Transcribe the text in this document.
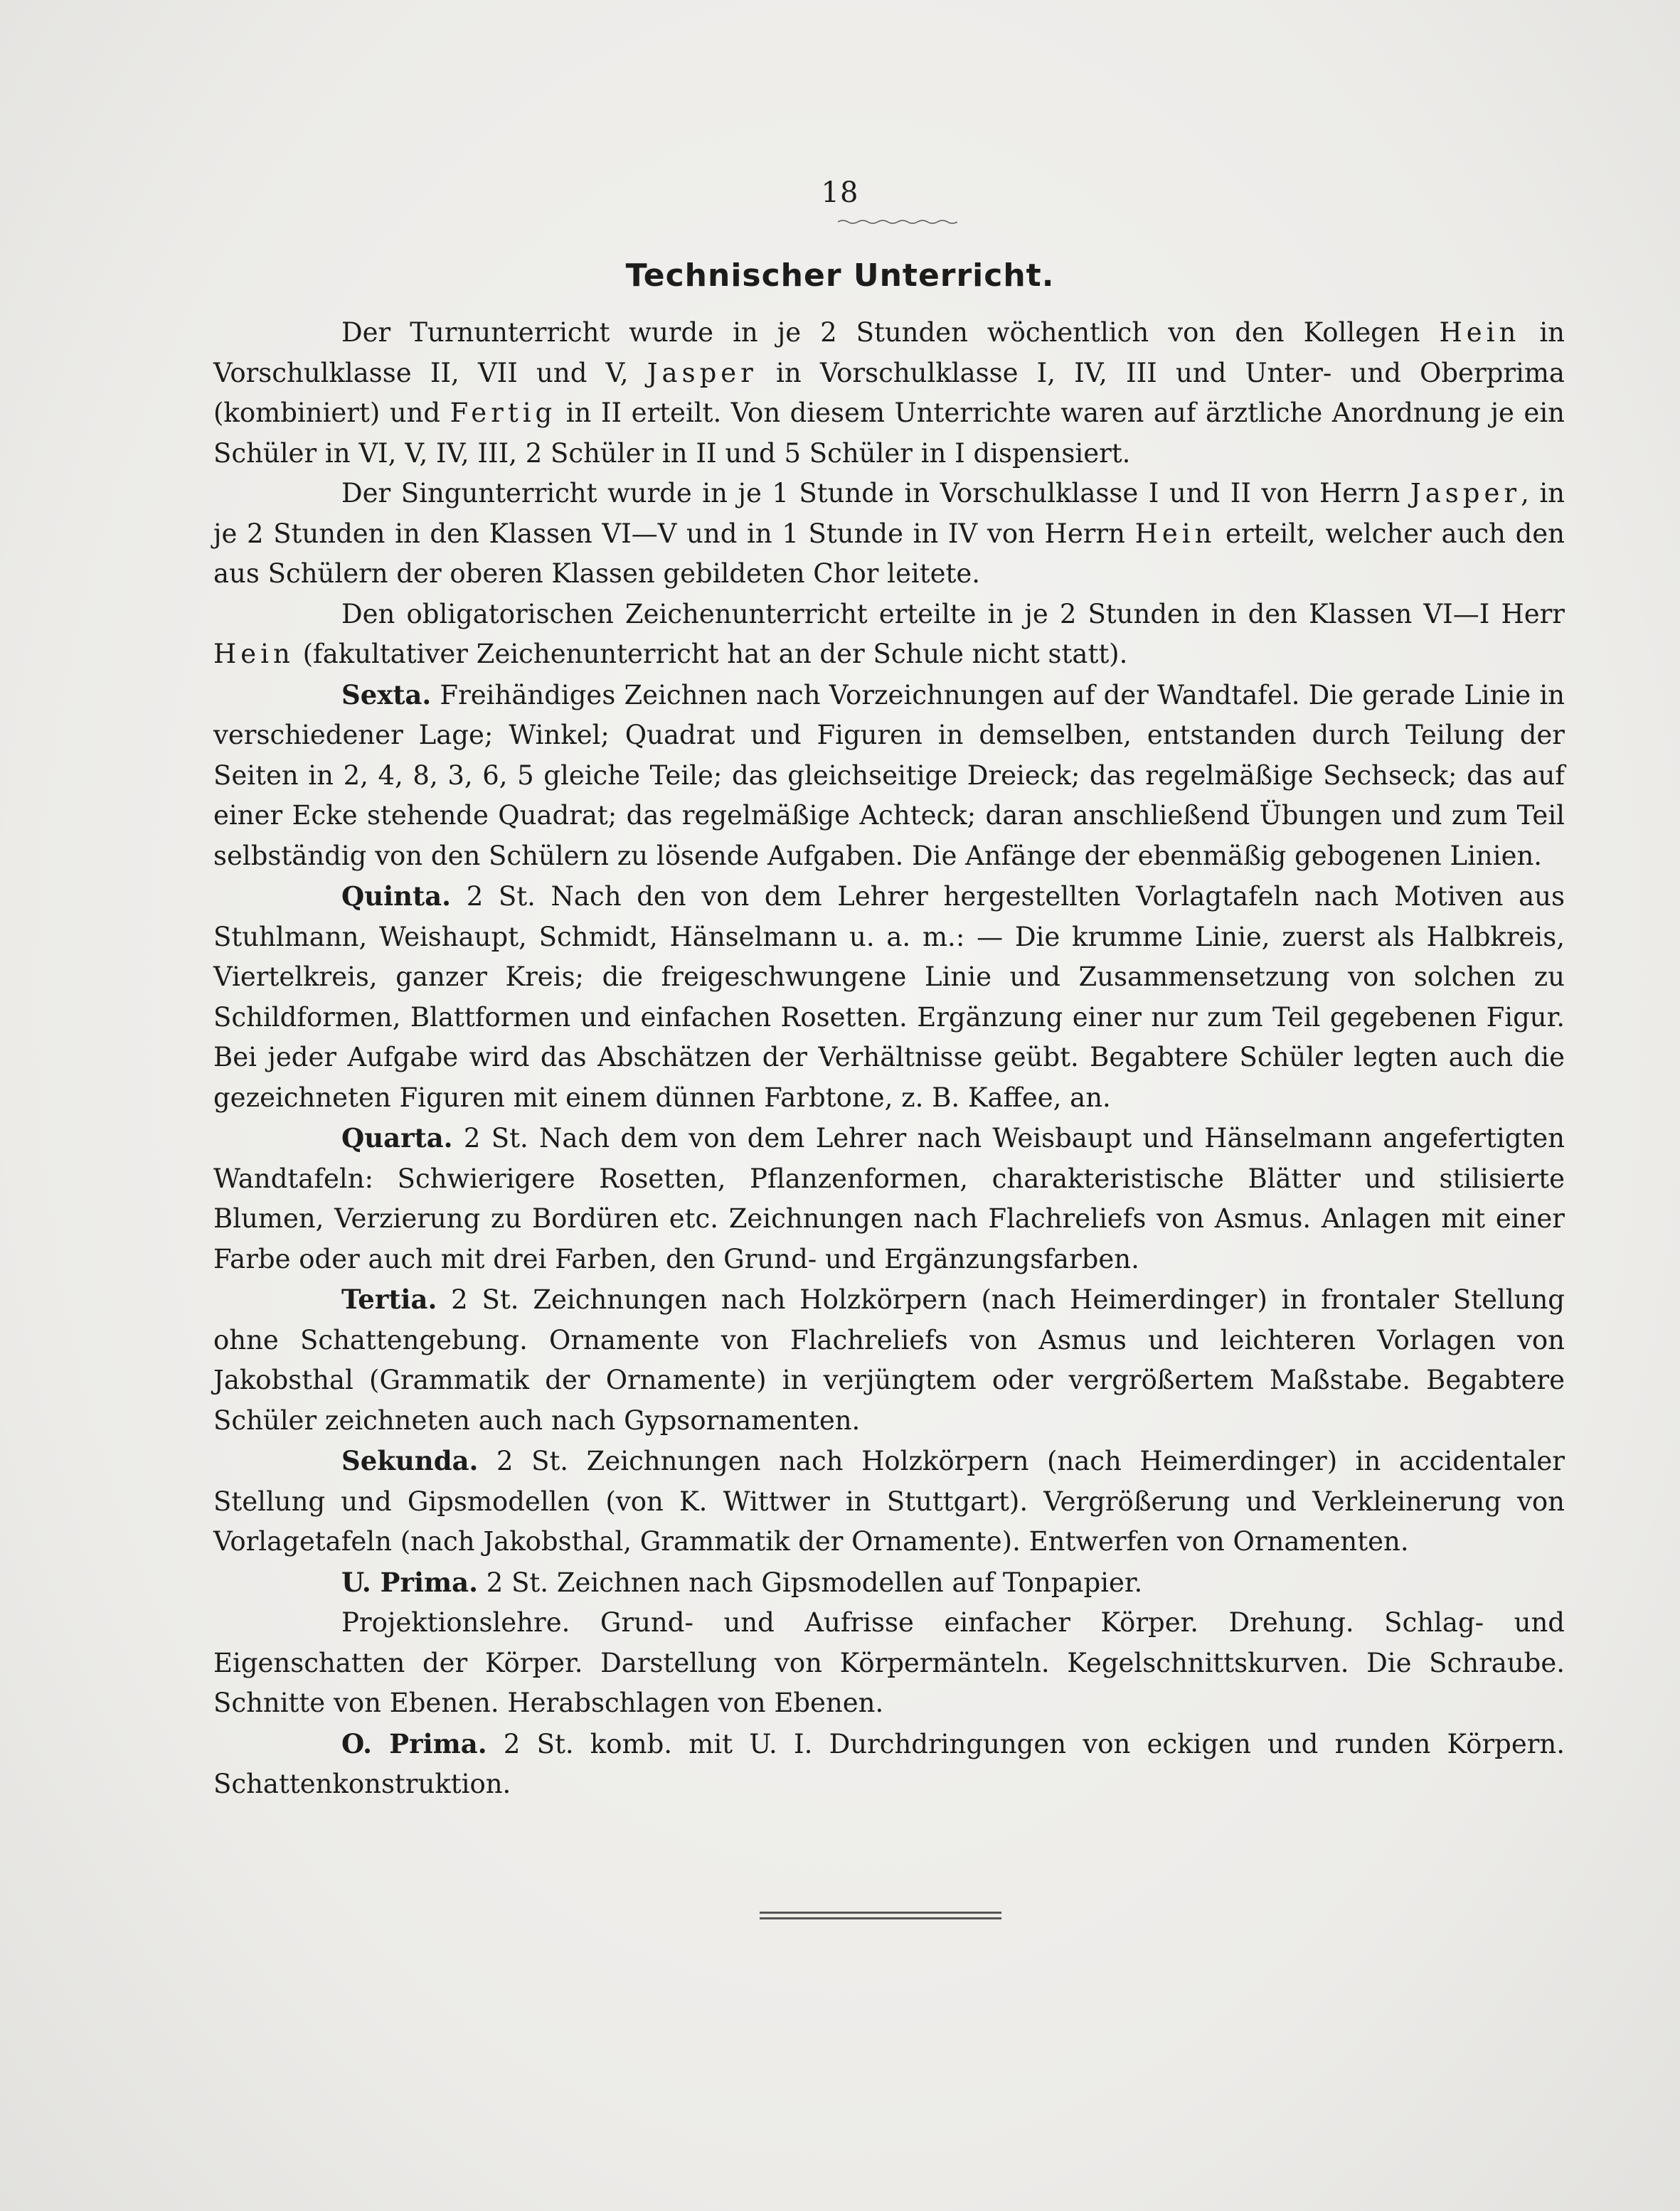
18
Technischer Unterricht.

Der Turnunterricht wurde in je 2 Stunden wöchentlich von den Kollegen Hein in Vorschulklasse II, VII und V, Jasper in Vorschulklasse I, IV, III und Unter- und Oberprima (kombiniert) und Fertig in II erteilt. Von diesem Unterrichte waren auf ärztliche Anordnung je ein Schüler in VI, V, IV, III, 2 Schüler in II und 5 Schüler in I dispensiert.

Der Singunterricht wurde in je 1 Stunde in Vorschulklasse I und II von Herrn Jasper, in je 2 Stunden in den Klassen VI—V und in 1 Stunde in IV von Herrn Hein erteilt, welcher auch den aus Schülern der oberen Klassen gebildeten Chor leitete.

Den obligatorischen Zeichenunterricht erteilte in je 2 Stunden in den Klassen VI—I Herr Hein (fakultativer Zeichenunterricht hat an der Schule nicht statt).

Sexta. Freihändiges Zeichnen nach Vorzeichnungen auf der Wandtafel. Die gerade Linie in verschiedener Lage; Winkel; Quadrat und Figuren in demselben, entstanden durch Teilung der Seiten in 2, 4, 8, 3, 6, 5 gleiche Teile; das gleichseitige Dreieck; das regelmäßige Sechseck; das auf einer Ecke stehende Quadrat; das regelmäßige Achteck; daran anschließend Übungen und zum Teil selbständig von den Schülern zu lösende Aufgaben. Die Anfänge der ebenmäßig gebogenen Linien.

Quinta. 2 St. Nach den von dem Lehrer hergestellten Vorlagtafeln nach Motiven aus Stuhlmann, Weishaupt, Schmidt, Hänselmann u. a. m.: — Die krumme Linie, zuerst als Halbkreis, Viertelkreis, ganzer Kreis; die freigeschwungene Linie und Zusammensetzung von solchen zu Schildformen, Blattformen und einfachen Rosetten. Ergänzung einer nur zum Teil gegebenen Figur. Bei jeder Aufgabe wird das Abschätzen der Verhältnisse geübt. Begabtere Schüler legten auch die gezeichneten Figuren mit einem dünnen Farbtone, z. B. Kaffee, an.

Quarta. 2 St. Nach dem von dem Lehrer nach Weisbaupt und Hänselmann angefertigten Wandtafeln: Schwierigere Rosetten, Pflanzenformen, charakteristische Blätter und stilisierte Blumen, Verzierung zu Bordüren etc. Zeichnungen nach Flachreliefs von Asmus. Anlagen mit einer Farbe oder auch mit drei Farben, den Grund- und Ergänzungsfarben.

Tertia. 2 St. Zeichnungen nach Holzkörpern (nach Heimerdinger) in frontaler Stellung ohne Schattengebung. Ornamente von Flachreliefs von Asmus und leichteren Vorlagen von Jakobsthal (Grammatik der Ornamente) in verjüngtem oder vergrößertem Maßstabe. Begabtere Schüler zeichneten auch nach Gypsornamenten.

Sekunda. 2 St. Zeichnungen nach Holzkörpern (nach Heimerdinger) in accidentaler Stellung und Gipsmodellen (von K. Wittwer in Stuttgart). Vergrößerung und Verkleinerung von Vorlagetafeln (nach Jakobsthal, Grammatik der Ornamente). Entwerfen von Ornamenten.

U. Prima. 2 St. Zeichnen nach Gipsmodellen auf Tonpapier.

Projektionslehre. Grund- und Aufrisse einfacher Körper. Drehung. Schlag- und Eigenschatten der Körper. Darstellung von Körpermänteln. Kegelschnittskurven. Die Schraube. Schnitte von Ebenen. Herabschlagen von Ebenen.

O. Prima. 2 St. komb. mit U. I. Durchdringungen von eckigen und runden Körpern. Schattenkonstruktion.
